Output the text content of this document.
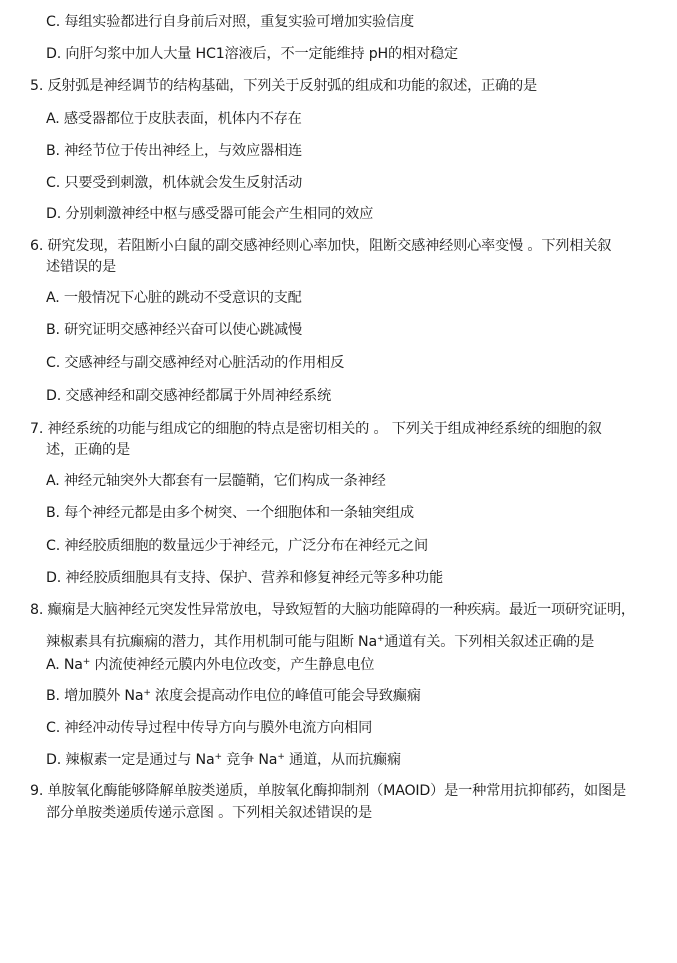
C. 每组实验都进行自身前后对照，重复实验可增加实验信度
D. 向肝匀浆中加人大量 HC1溶液后，不一定能维持 pH的相对稳定
5. 反射弧是神经调节的结构基础，下列关于反射弧的组成和功能的叙述，正确的是
A. 感受器都位于皮肤表面，机体内不存在
B. 神经节位于传出神经上，与效应器相连
C. 只要受到刺激，机体就会发生反射活动
D. 分别刺激神经中枢与感受器可能会产生相同的效应
6. 研究发现，若阻断小白鼠的副交感神经则心率加快，阻断交感神经则心率变慢 。下列相关叙
述错误的是
A. 一般情况下心脏的跳动不受意识的支配
B. 研究证明交感神经兴奋可以使心跳减慢
C. 交感神经与副交感神经对心脏活动的作用相反
D. 交感神经和副交感神经都属于外周神经系统
7. 神经系统的功能与组成它的细胞的特点是密切相关的 。 下列关于组成神经系统的细胞的叙
述，正确的是
A. 神经元轴突外大都套有一层髓鞘，它们构成一条神经
B. 每个神经元都是由多个树突、一个细胞体和一条轴突组成
C. 神经胶质细胞的数量远少于神经元，广泛分布在神经元之间
D. 神经胶质细胞具有支持、保护、营养和修复神经元等多种功能
8. 癫痫是大脑神经元突发性异常放电，导致短暂的大脑功能障碍的一种疾病。最近一项研究证明，
辣椒素具有抗癫痫的潜力，其作用机制可能与阻断 Na+通道有关。下列相关叙述正确的是
A. Na+ 内流使神经元膜内外电位改变，产生静息电位
B. 增加膜外 Na+ 浓度会提高动作电位的峰值可能会导致癫痫
C. 神经冲动传导过程中传导方向与膜外电流方向相同
D. 辣椒素一定是通过与 Na+ 竞争 Na+ 通道，从而抗癫痫
9. 单胺氧化酶能够降解单胺类递质，单胺氧化酶抑制剂（MAOID）是一种常用抗抑郁药，如图是
部分单胺类递质传递示意图 。下列相关叙述错误的是
